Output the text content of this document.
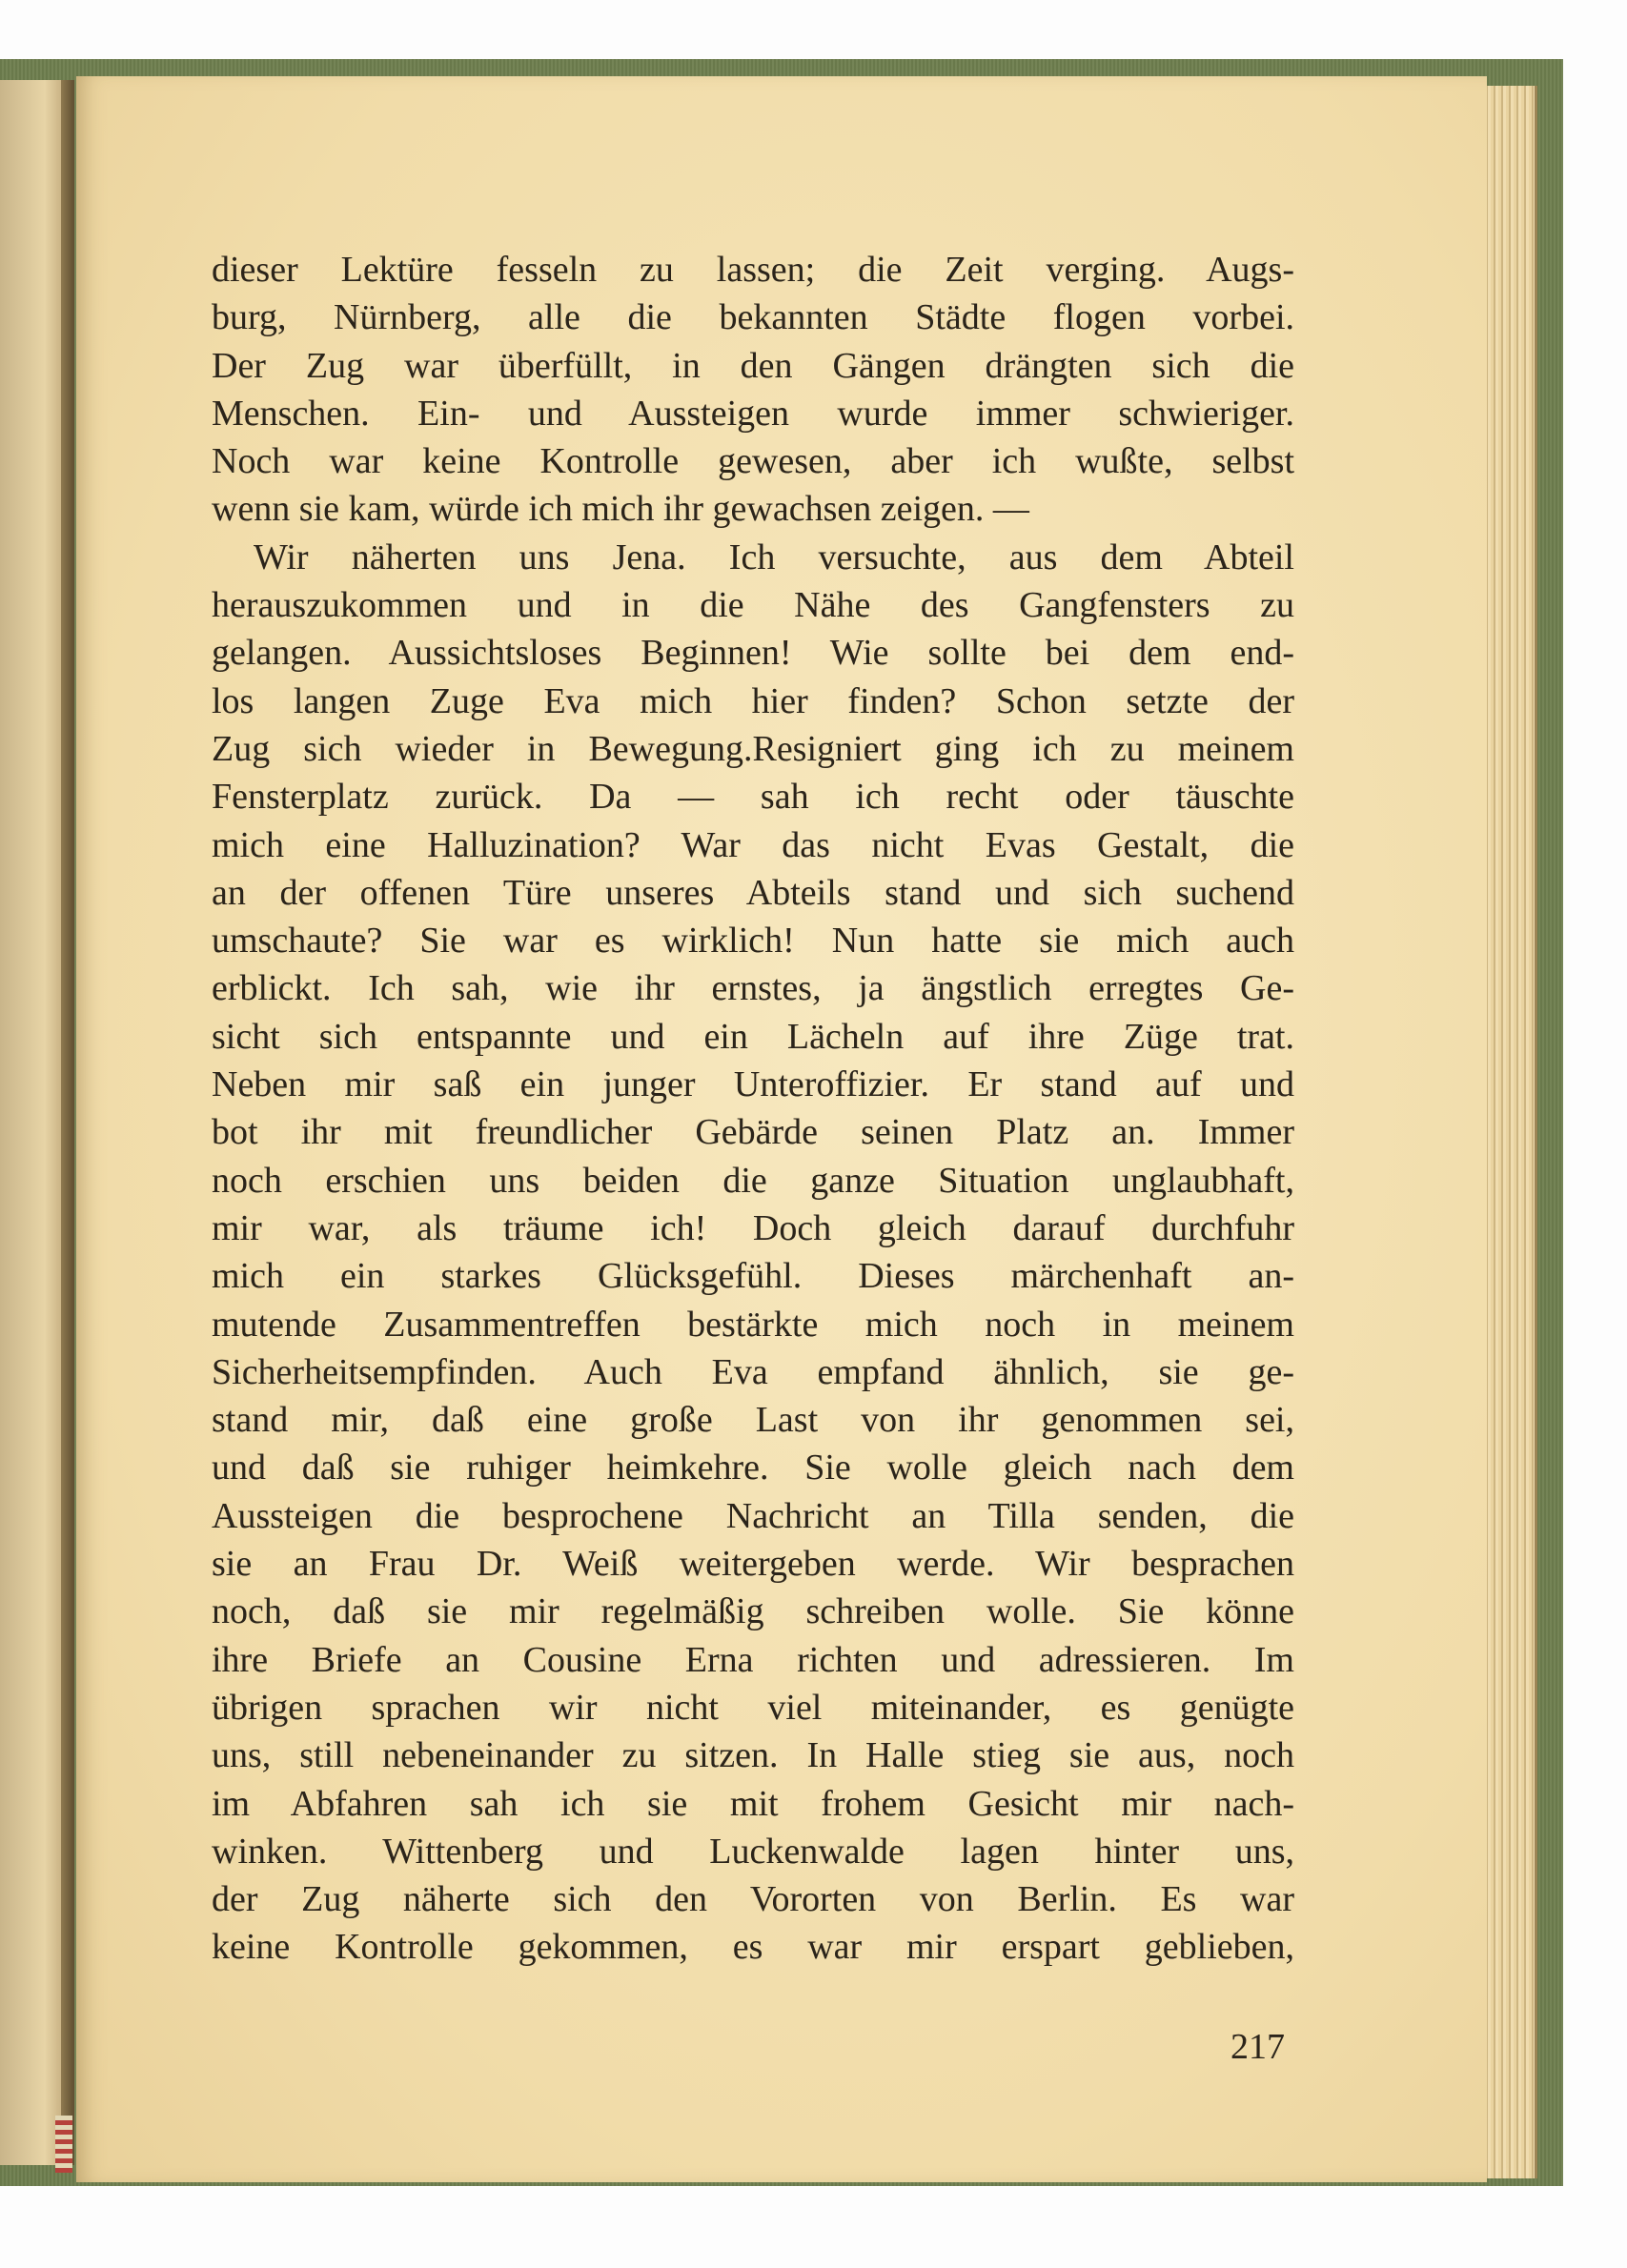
dieser Lektüre fesseln zu lassen; die Zeit verging. Augs-
burg, Nürnberg, alle die bekannten Städte flogen vorbei.
Der Zug war überfüllt, in den Gängen drängten sich die
Menschen. Ein- und Aussteigen wurde immer schwieriger.
Noch war keine Kontrolle gewesen, aber ich wußte, selbst
wenn sie kam, würde ich mich ihr gewachsen zeigen. —
Wir näherten uns Jena. Ich versuchte, aus dem Abteil
herauszukommen und in die Nähe des Gangfensters zu
gelangen. Aussichtsloses Beginnen! Wie sollte bei dem end-
los langen Zuge Eva mich hier finden? Schon setzte der
Zug sich wieder in Bewegung.Resigniert ging ich zu meinem
Fensterplatz zurück. Da — sah ich recht oder täuschte
mich eine Halluzination? War das nicht Evas Gestalt, die
an der offenen Türe unseres Abteils stand und sich suchend
umschaute? Sie war es wirklich! Nun hatte sie mich auch
erblickt. Ich sah, wie ihr ernstes, ja ängstlich erregtes Ge-
sicht sich entspannte und ein Lächeln auf ihre Züge trat.
Neben mir saß ein junger Unteroffizier. Er stand auf und
bot ihr mit freundlicher Gebärde seinen Platz an. Immer
noch erschien uns beiden die ganze Situation unglaubhaft,
mir war, als träume ich! Doch gleich darauf durchfuhr
mich ein starkes Glücksgefühl. Dieses märchenhaft an-
mutende Zusammentreffen bestärkte mich noch in meinem
Sicherheitsempfinden. Auch Eva empfand ähnlich, sie ge-
stand mir, daß eine große Last von ihr genommen sei,
und daß sie ruhiger heimkehre. Sie wolle gleich nach dem
Aussteigen die besprochene Nachricht an Tilla senden, die
sie an Frau Dr. Weiß weitergeben werde. Wir besprachen
noch, daß sie mir regelmäßig schreiben wolle. Sie könne
ihre Briefe an Cousine Erna richten und adressieren. Im
übrigen sprachen wir nicht viel miteinander, es genügte
uns, still nebeneinander zu sitzen. In Halle stieg sie aus, noch
im Abfahren sah ich sie mit frohem Gesicht mir nach-
winken. Wittenberg und Luckenwalde lagen hinter uns,
der Zug näherte sich den Vororten von Berlin. Es war
keine Kontrolle gekommen, es war mir erspart geblieben,
217
